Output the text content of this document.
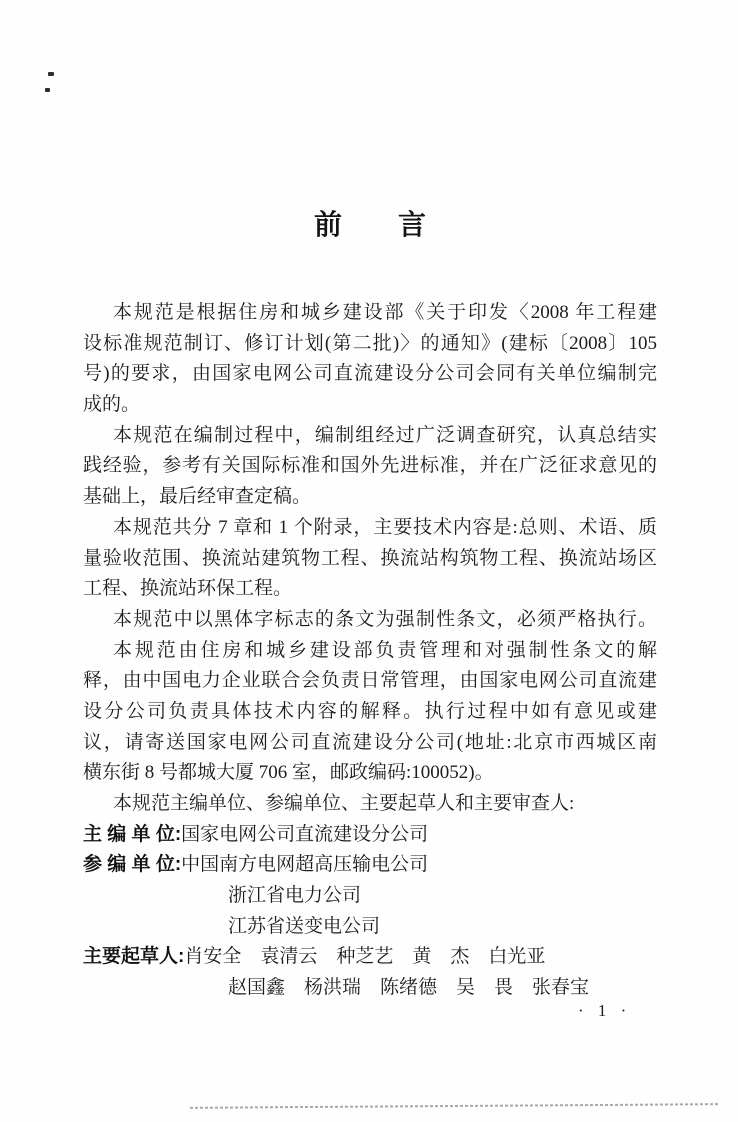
前　　言
本规范是根据住房和城乡建设部《关于印发〈2008 年工程建
设标准规范制订、修订计划(第二批)〉的通知》(建标〔2008〕105
号)的要求，由国家电网公司直流建设分公司会同有关单位编制完
成的。
本规范在编制过程中，编制组经过广泛调查研究，认真总结实
践经验，参考有关国际标准和国外先进标准，并在广泛征求意见的
基础上，最后经审查定稿。
本规范共分 7 章和 1 个附录，主要技术内容是:总则、术语、质
量验收范围、换流站建筑物工程、换流站构筑物工程、换流站场区
工程、换流站环保工程。
本规范中以黑体字标志的条文为强制性条文，必须严格执行。
本规范由住房和城乡建设部负责管理和对强制性条文的解
释，由中国电力企业联合会负责日常管理，由国家电网公司直流建
设分公司负责具体技术内容的解释。执行过程中如有意见或建
议，请寄送国家电网公司直流建设分公司(地址:北京市西城区南
横东街 8 号都城大厦 706 室，邮政编码:100052)。
本规范主编单位、参编单位、主要起草人和主要审查人:
主 编 单 位:国家电网公司直流建设分公司
参 编 单 位:中国南方电网超高压输电公司
浙江省电力公司
江苏省送变电公司
主要起草人:肖安全　袁清云　种芝艺　黄　杰　白光亚
赵国鑫　杨洪瑞　陈绪德　吴　畏　张春宝
· 1 ·
